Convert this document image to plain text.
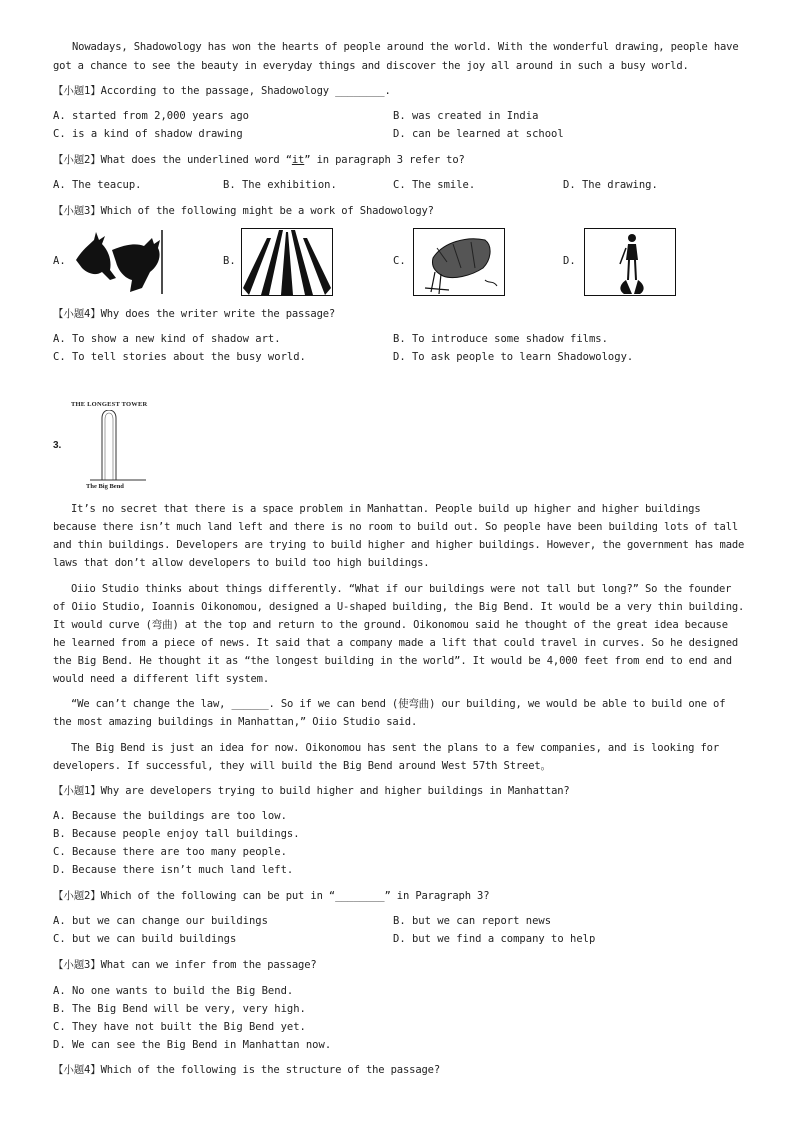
Nowadays, Shadowology has won the hearts of people around the world. With the wonderful drawing, people have
got a chance to see the beauty in everyday things and discover the joy all around in such a busy world.
【小题1】According to the passage, Shadowology ________.
A. started from 2,000 years ago	B. was created in India
C. is a kind of shadow drawing	D. can be learned at school
【小题2】What does the underlined word “it” in paragraph 3 refer to?
A. The teacup.	B. The exhibition.	C. The smile.	D. The drawing.
【小题3】Which of the following might be a work of Shadowology?
A.	B.	C.	D.
【小题4】Why does the writer write the passage?
A. To show a new kind of shadow art.	B. To introduce some shadow films.
C. To tell stories about the busy world.	D. To ask people to learn Shadowology.
3.
THE LONGEST TOWER
The Big Bend
It’s no secret that there is a space problem in Manhattan. People build up higher and higher buildings because there isn’t much land left and there is no room to build out. So people have been building lots of tall and thin buildings. Developers are trying to build higher and higher buildings. However, the government has made laws that don’t allow developers to build too high buildings.
Oiio Studio thinks about things differently. “What if our buildings were not tall but long?” So the founder of Oiio Studio, Ioannis Oikonomou, designed a U-shaped building, the Big Bend. It would be a very thin building. It would curve (弯曲) at the top and return to the ground. Oikonomou said he thought of the great idea because he learned from a piece of news. It said that a company made a lift that could travel in curves. So he designed the Big Bend. He thought it as “the longest building in the world”. It would be 4,000 feet from end to end and would need a different lift system.
“We can’t change the law, ______. So if we can bend (使弯曲) our building, we would be able to build one of the most amazing buildings in Manhattan,” Oiio Studio said.
The Big Bend is just an idea for now. Oikonomou has sent the plans to a few companies, and is looking for developers. If successful, they will build the Big Bend around West 57th Street。
【小题1】Why are developers trying to build higher and higher buildings in Manhattan?
A. Because the buildings are too low.
B. Because people enjoy tall buildings.
C. Because there are too many people.
D. Because there isn’t much land left.
【小题2】Which of the following can be put in “________” in Paragraph 3?
A. but we can change our buildings	B. but we can report news
C. but we can build buildings	D. but we find a company to help
【小题3】What can we infer from the passage?
A. No one wants to build the Big Bend.
B. The Big Bend will be very, very high.
C. They have not built the Big Bend yet.
D. We can see the Big Bend in Manhattan now.
【小题4】Which of the following is the structure of the passage?
